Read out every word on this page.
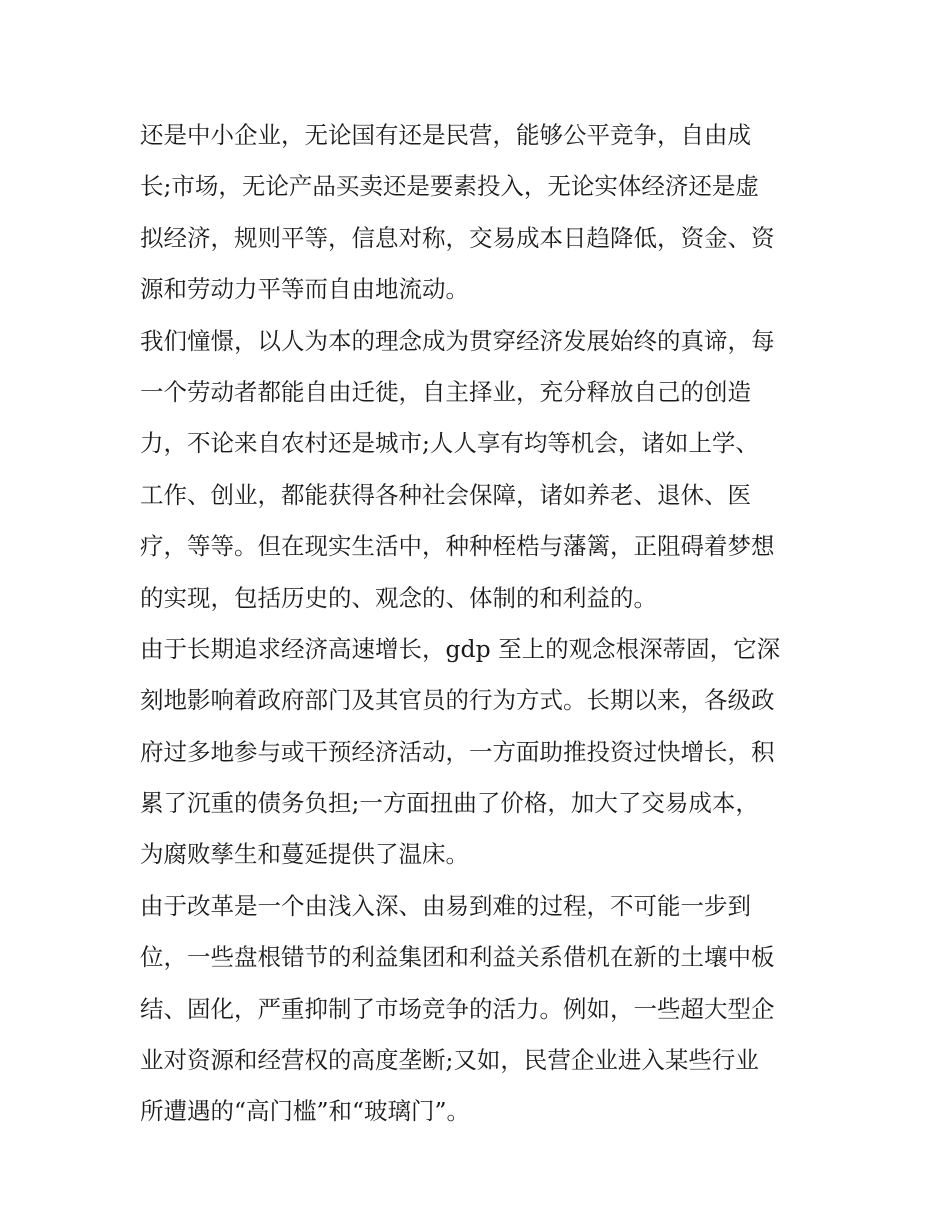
还是中小企业，无论国有还是民营，能够公平竞争，自由成
长;市场，无论产品买卖还是要素投入，无论实体经济还是虚
拟经济，规则平等，信息对称，交易成本日趋降低，资金、资
源和劳动力平等而自由地流动。

我们憧憬，以人为本的理念成为贯穿经济发展始终的真谛，每
一个劳动者都能自由迁徙，自主择业，充分释放自己的创造
力，不论来自农村还是城市;人人享有均等机会，诸如上学、
工作、创业，都能获得各种社会保障，诸如养老、退休、医
疗，等等。但在现实生活中，种种桎梏与藩篱，正阻碍着梦想
的实现，包括历史的、观念的、体制的和利益的。

由于长期追求经济高速增长，gdp 至上的观念根深蒂固，它深
刻地影响着政府部门及其官员的行为方式。长期以来，各级政
府过多地参与或干预经济活动，一方面助推投资过快增长，积
累了沉重的债务负担;一方面扭曲了价格，加大了交易成本，
为腐败孳生和蔓延提供了温床。

由于改革是一个由浅入深、由易到难的过程，不可能一步到
位，一些盘根错节的利益集团和利益关系借机在新的土壤中板
结、固化，严重抑制了市场竞争的活力。例如，一些超大型企
业对资源和经营权的高度垄断;又如，民营企业进入某些行业
所遭遇的“高门槛”和“玻璃门”。
